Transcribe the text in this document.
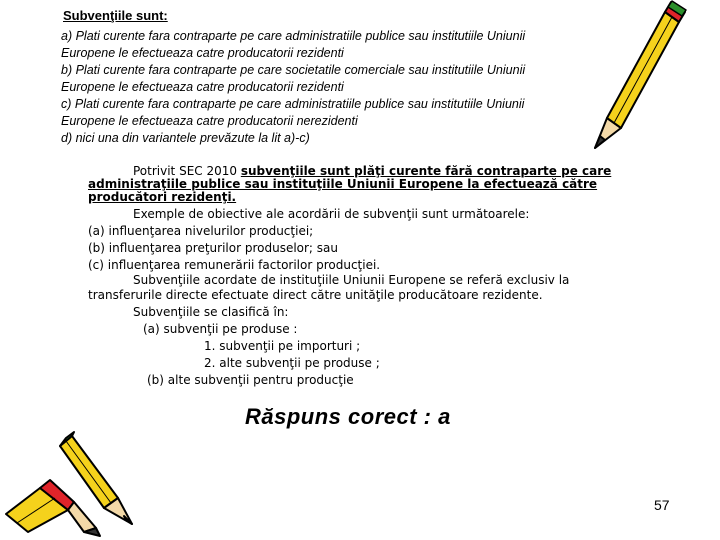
Subvenţiile sunt:
a) Plati curente fara contraparte pe care administratiile publice sau institutiile Uniunii
Europene le efectueaza catre producatorii rezidenti
b) Plati curente fara contraparte pe care societatile comerciale sau institutiile Uniunii
Europene le efectueaza catre producatorii rezidenti
c) Plati curente fara contraparte pe care administratiile publice sau institutiile Uniunii
Europene le efectueaza catre producatorii nerezidenti
d) nici una din variantele prevăzute la lit a)-c)
Potrivit SEC 2010 subvenţiile sunt plăţi curente fără contraparte pe care
administraţiile publice sau instituţiile Uniunii Europene la efectuează către
producători rezidenţi.
Exemple de obiective ale acordării de subvenţii sunt următoarele:
(a) influenţarea nivelurilor producţiei;
(b) influenţarea preţurilor produselor; sau
(c) influenţarea remunerării factorilor producţiei.
Subvenţiile acordate de instituţiile Uniunii Europene se referă exclusiv la
transferurile directe efectuate direct către unităţile producătoare rezidente.
Subvenţiile se clasifică în:
(a) subvenţii pe produse :
1. subvenţii pe importuri ;
2. alte subvenţii pe produse ;
(b) alte subvenţii pentru producţie
Răspuns corect : a
57
